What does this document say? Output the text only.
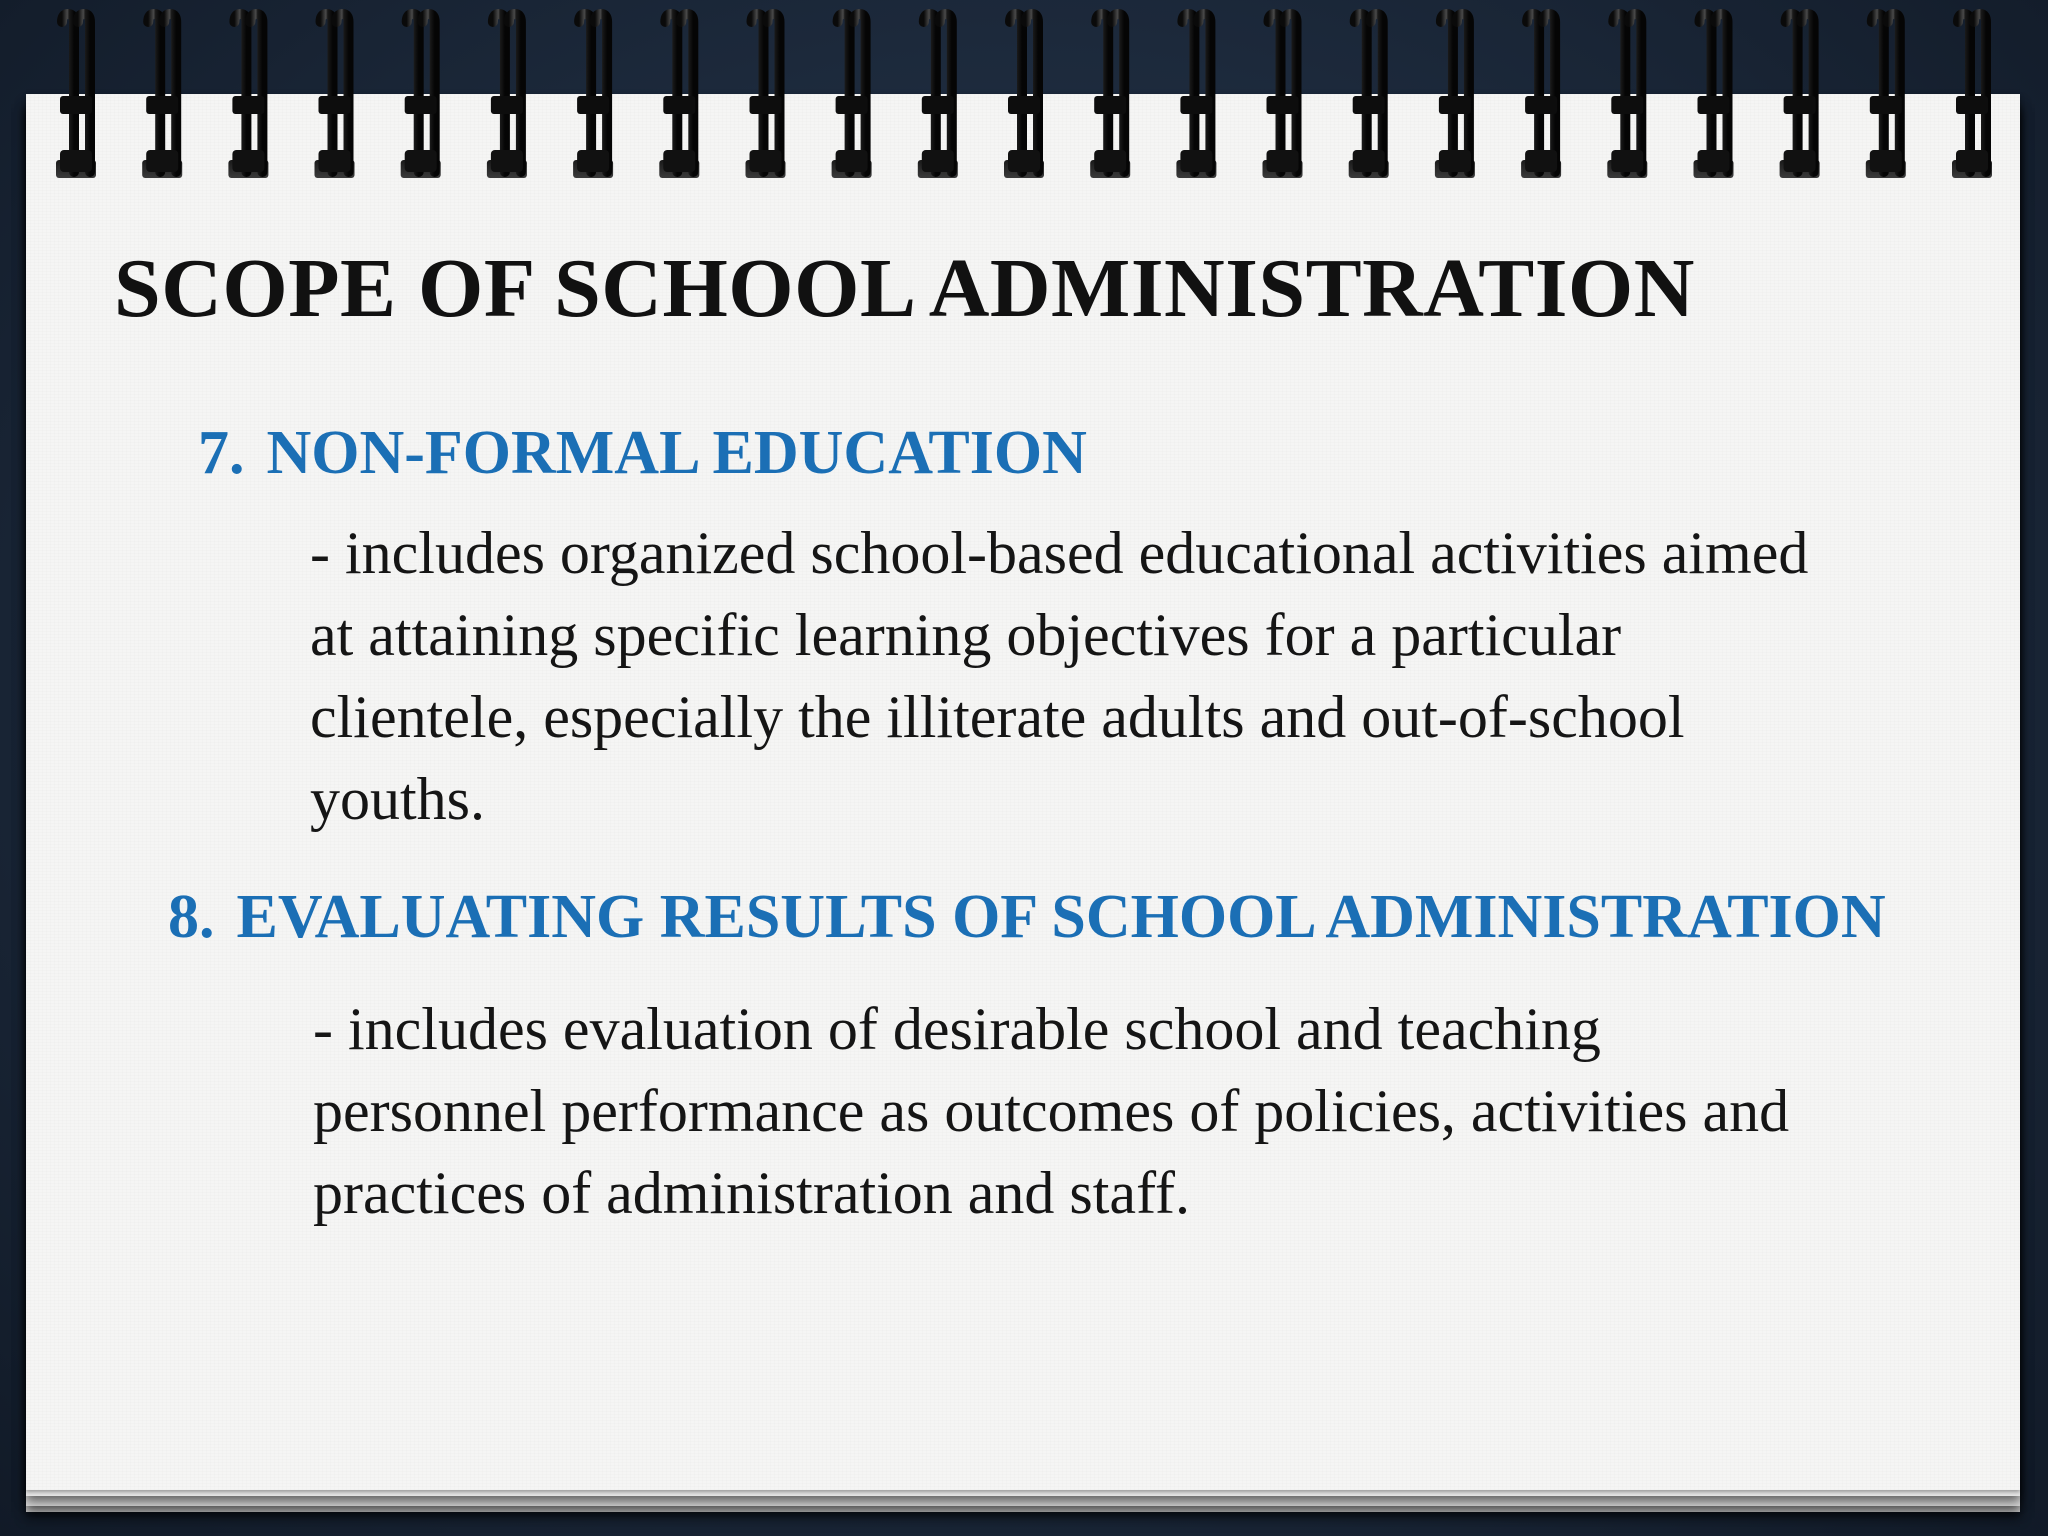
SCOPE OF SCHOOL ADMINISTRATION
7. NON-FORMAL EDUCATION

- includes organized school-based educational activities aimed at attaining specific learning objectives for a particular clientele, especially the illiterate adults and out-of-school youths.

8. EVALUATING RESULTS OF SCHOOL ADMINISTRATION

- includes evaluation of desirable school and teaching personnel performance as outcomes of policies, activities and practices of administration and staff.
